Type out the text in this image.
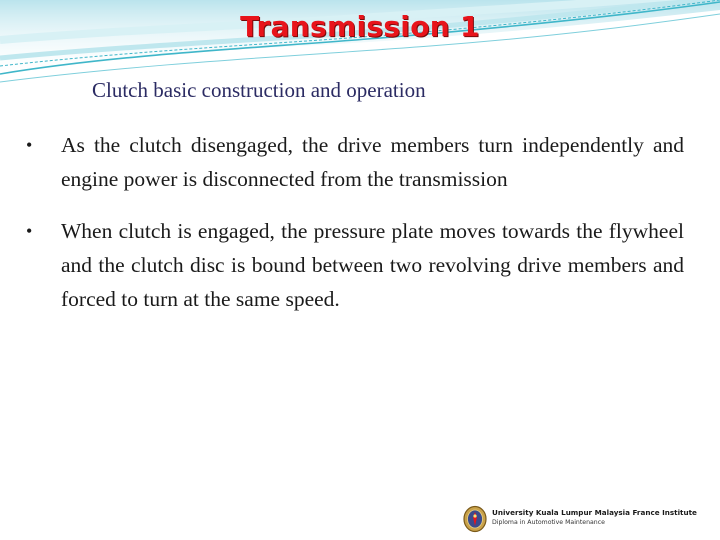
Transmission 1
Clutch basic construction and operation
• As the clutch disengaged, the drive members turn independently and engine power is disconnected from the transmission
• When clutch is engaged, the pressure plate moves towards the flywheel and the clutch disc is bound between two revolving drive members and forced to turn at the same speed.
University Kuala Lumpur Malaysia France Institute
Diploma in Automotive Maintenance
